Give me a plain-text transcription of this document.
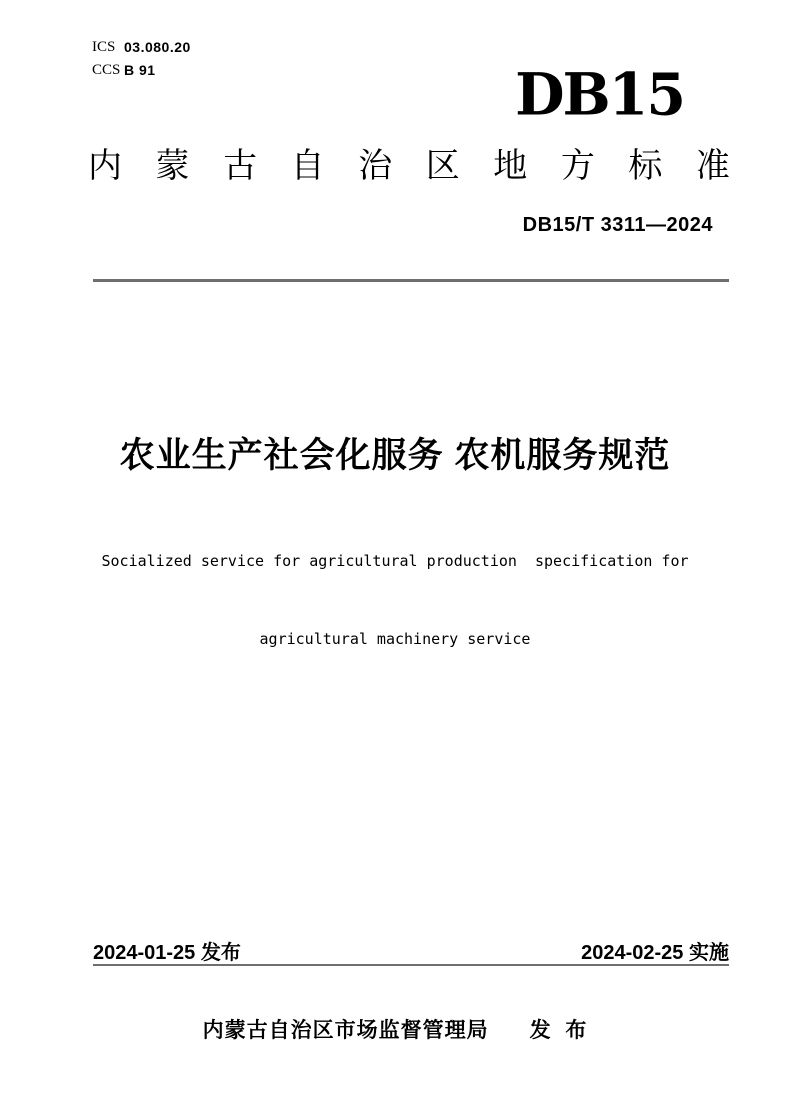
ICS 03.080.20
CCS B 91	DB15
内 蒙 古 自 治 区 地 方 标 准
DB15/T 3311—2024
农业生产社会化服务 农机服务规范

Socialized service for agricultural production  specification for

agricultural machinery service

2024-01-25 发布	2024-02-25 实施
内蒙古自治区市场监督管理局      发  布
